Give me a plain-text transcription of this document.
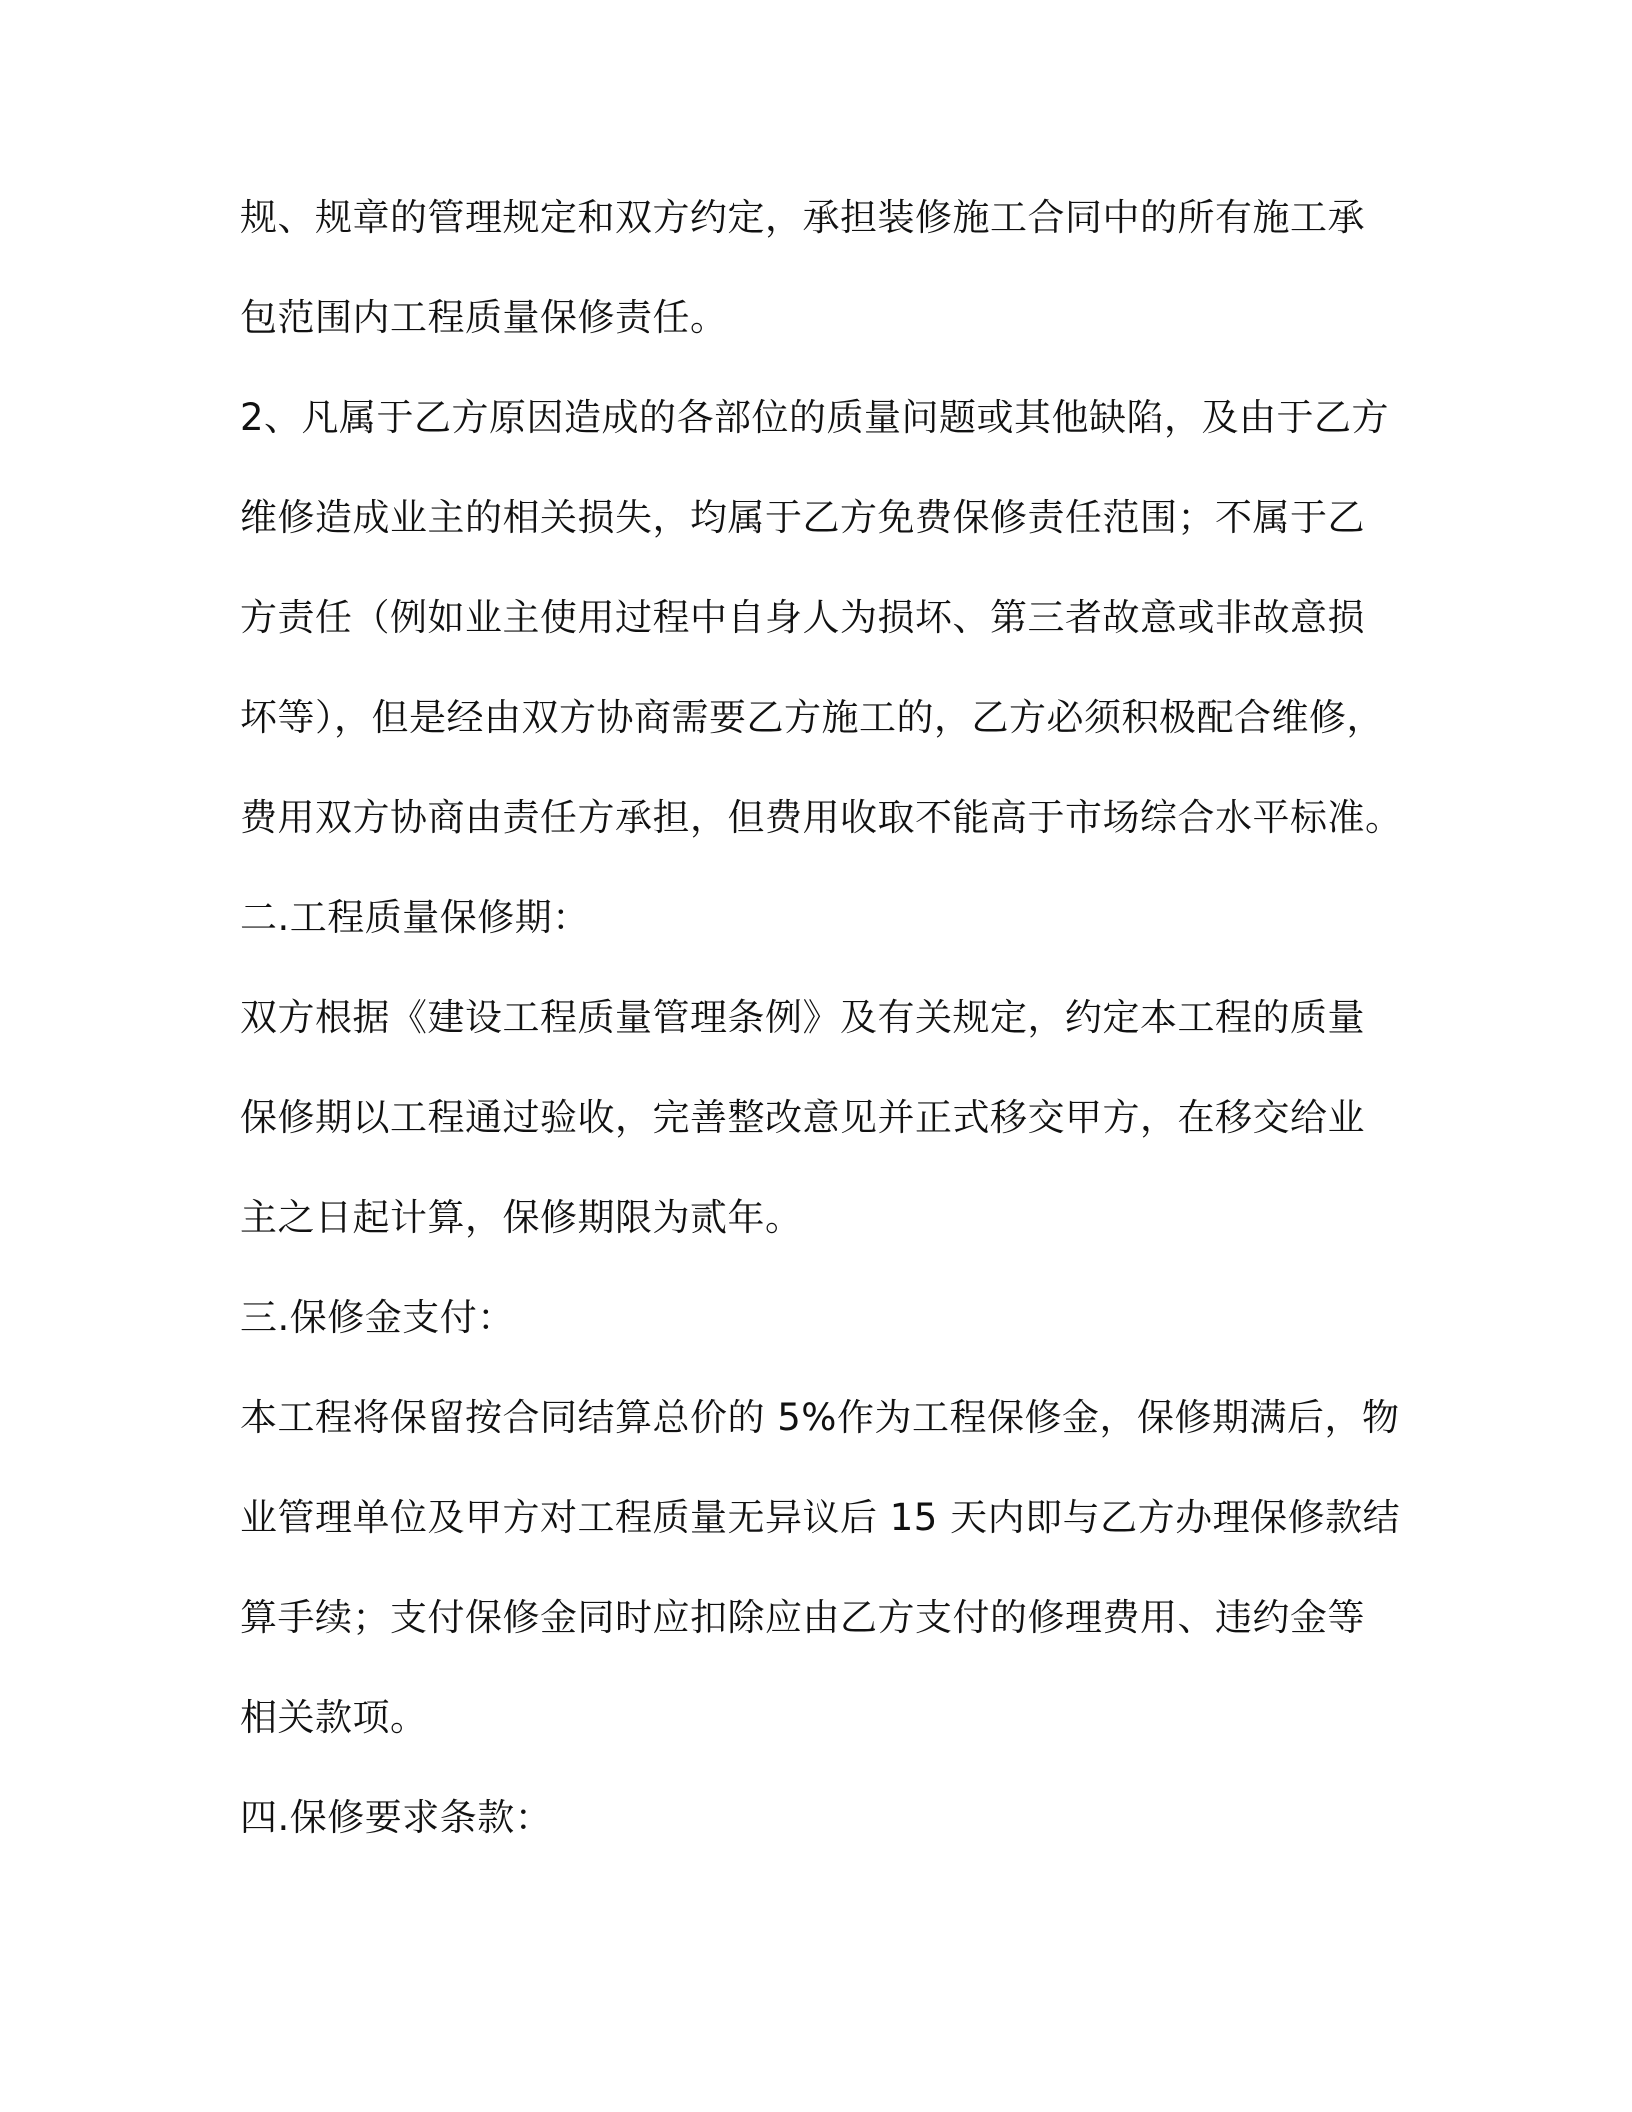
规、规章的管理规定和双方约定，承担装修施工合同中的所有施工承
包范围内工程质量保修责任。
2、凡属于乙方原因造成的各部位的质量问题或其他缺陷，及由于乙方
维修造成业主的相关损失，均属于乙方免费保修责任范围；不属于乙
方责任（例如业主使用过程中自身人为损坏、第三者故意或非故意损
坏等），但是经由双方协商需要乙方施工的，乙方必须积极配合维修，
费用双方协商由责任方承担，但费用收取不能高于市场综合水平标准。
二.工程质量保修期：
双方根据《建设工程质量管理条例》及有关规定，约定本工程的质量
保修期以工程通过验收，完善整改意见并正式移交甲方，在移交给业
主之日起计算，保修期限为贰年。
三.保修金支付：
本工程将保留按合同结算总价的 5%作为工程保修金，保修期满后，物
业管理单位及甲方对工程质量无异议后 15 天内即与乙方办理保修款结
算手续；支付保修金同时应扣除应由乙方支付的修理费用、违约金等
相关款项。
四.保修要求条款：
